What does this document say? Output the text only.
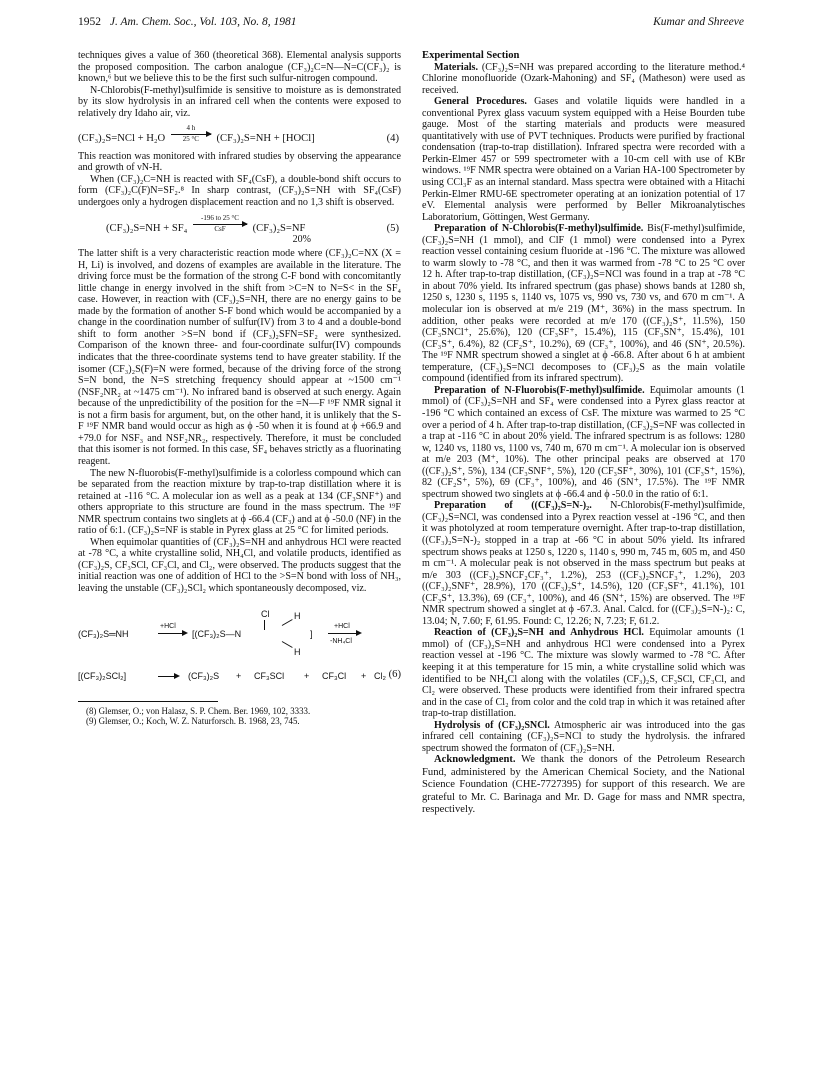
1952 J. Am. Chem. Soc., Vol. 103, No. 8, 1981	Kumar and Shreeve

techniques gives a value of 360 (theoretical 368). Elemental analysis supports the proposed composition. The carbon analogue (CF₃)₂C=N—N=C(CF₃)₂ is known,⁶ but we believe this to be the first such sulfur-nitrogen compound.

N-Chlorobis(F-methyl)sulfimide is sensitive to moisture as is demonstrated by its slow hydrolysis in an infrared cell when the contents were exposed to relatively dry Idaho air, viz.

$(CF_3)_2S=NCl + H_2O \frac{4 h}{25 ^\circ C} (CF_3)_2S=NH$ + [HOCl]	(4)

This reaction was monitored with infrared studies by observing the appearance and growth of νN-H.

When (CF₃)₂C=NH is reacted with SF₄(CsF), a double-bond shift occurs to form (CF₃)₂C(F)N=SF₂.⁸ In sharp contrast, (CF₃)₂S=NH with SF₄(CsF) undergoes only a hydrogen displacement reaction and no 1,3 shift is observed.

(CF₃)₂S=NH + SF₄
-196 to 25 °C
CsF	(CF₃)₂S=NF
20%
(5)

The latter shift is a very characteristic reaction mode where (CF₃)₂C=NX (X = H, Li) is involved, and dozens of examples are available in the literature. The driving force must be the formation of the strong C-F bond with concomitantly little change in energy involved in the shift from >C=N to N=S< in the SF₄ case. However, in reaction with (CF₃)₂S=NH, there are no energy gains to be made by the formation of another S-F bond which would be accompanied by a change in the coordination number of sulfur(IV) from 3 to 4 and a double-bond shift to form another >S=N bond if (CF₃)₂SFN=SF₂ were synthesized. Comparison of the known three- and four-coordinate sulfur(IV) compounds indicates that the three-coordinate systems tend to have greater stability. If the isomer (CF₃)₂S(F)=N were formed, because of the driving force of the strong S=N bond, the N=S stretching frequency should appear at ~1500 cm⁻¹ (NSF₂NR₂ at ~1475 cm⁻¹). No infrared band is observed at such energy. Again because of the unpredictibility of the position for the =N—F ¹⁹F NMR signal it is not a firm basis for argument, but, on the other hand, it is unlikely that the S-F ¹⁹F NMR band would occur as high as ϕ -50 when it is found at ϕ +66.9 and +79.0 for NSF₃ and NSF₂NR₂, respectively. Therefore, it must be concluded that this isomer is not formed. In this case, SF₄ behaves strictly as a fluorinating reagent.

The new N-fluorobis(F-methyl)sulfimide is a colorless compound which can be separated from the reaction mixture by trap-to-trap distillation where it is retained at -116 °C. A molecular ion as well as a peak at 134 (CF₃SNF⁺) and others appropriate to this structure are found in the mass spectrum. The ¹⁹F NMR spectrum contains two singlets at ϕ -66.4 (CF₃) and at ϕ -50.0 (NF) in the ratio of 6:1. (CF₃)₂S=NF is stable in Pyrex glass at 25 °C for limited periods.

When equimolar quantities of (CF₃)₂S=NH and anhydrous HCl were reacted at -78 °C, a white crystalline solid, NH₄Cl, and volatile products, identified as (CF₃)₂S, CF₃SCl, CF₃Cl, and Cl₂, were observed. The products suggest that the initial reaction was one of addition of HCl to the >S=N bond with loss of NH₃, leaving the unstable (CF₃)₂SCl₂ which spontaneously decomposed, viz.

(CF₃)₂S═NH
+HCl
Cl
[(CF₃)₂S—N
H
H
]
+HCl
-NH₄Cl
[(CF₃)₂SCl₂]	(CF₃)₂S + CF₃SCl + CF₃Cl + Cl₂ (6)

(8) Glemser, O.; von Halasz, S. P. Chem. Ber. 1969, 102, 3333.

(9) Glemser, O.; Koch, W. Z. Naturforsch. B. 1968, 23, 745.

Experimental Section

Materials. (CF₃)₂S=NH was prepared according to the literature method.⁴ Chlorine monofluoride (Ozark-Mahoning) and SF₄ (Matheson) were used as received.

General Procedures. Gases and volatile liquids were handled in a conventional Pyrex glass vacuum system equipped with a Heise Bourden tube gauge. Most of the starting materials and products were measured quantitatively with use of PVT techniques. Products were purified by fractional condensation (trap-to-trap distillation). Infrared spectra were recorded with a Perkin-Elmer 457 or 599 spectrometer with a 10-cm cell with use of KBr windows. ¹⁹F NMR spectra were obtained on a Varian HA-100 Spectrometer by using CCl₃F as an internal standard. Mass spectra were obtained with a Hitachi Perkin-Elmer RMU-6E spectrometer operating at an ionization potential of 17 eV. Elemental analysis were performed by Beller Mikroanalytisches Laboratorium, Göttingen, West Germany.

Preparation of N-Chlorobis(F-methyl)sulfimide. Bis(F-methyl)sulfimide, (CF₃)₂S=NH (1 mmol), and ClF (1 mmol) were condensed into a Pyrex reaction vessel containing cesium fluoride at -196 °C. The mixture was allowed to warm slowly to -78 °C, and then it was warmed from -78 °C to 25 °C over 12 h. After trap-to-trap distillation, (CF₃)₂S=NCl was found in a trap at -78 °C in about 70% yield. Its infrared spectrum (gas phase) shows bands at 1280 sh, 1250 s, 1230 s, 1195 s, 1140 vs, 1075 vs, 990 vs, 730 vs, and 670 m cm⁻¹. A molecular ion is observed at m/e 219 (M⁺, 36%) in the mass spectrum. In addition, other peaks were recorded at m/e 170 ((CF₃)₂S⁺, 11.5%), 150 (CF₃SNCl⁺, 25.6%), 120 (CF₃SF⁺, 15.4%), 115 (CF₃SN⁺, 15.4%), 101 (CF₃S⁺, 6.4%), 82 (CF₂S⁺, 10.2%), 69 (CF₃⁺, 100%), and 46 (SN⁺, 20.5%). The ¹⁹F NMR spectrum showed a singlet at ϕ -66.8. After about 6 h at ambient temperature, (CF₃)₂S=NCl decomposes to (CF₃)₂S as the main volatile compound (identified from its infrared spectrum).

Preparation of N-Fluorobis(F-methyl)sulfimide. Equimolar amounts (1 mmol) of (CF₃)₂S=NH and SF₄ were condensed into a Pyrex glass reactor at -196 °C which contained an excess of CsF. The mixture was warmed to 25 °C over a period of 4 h. After trap-to-trap distillation, (CF₃)₂S=NF was collected in a trap at -116 °C in about 20% yield. The infrared spectrum is as follows: 1280 w, 1240 vs, 1180 vs, 1100 vs, 740 m, 670 m cm⁻¹. A molecular ion is observed at m/e 203 (M⁺, 10%). The other principal peaks are observed at 170 ((CF₃)₂S⁺, 5%), 134 (CF₃SNF⁺, 5%), 120 (CF₃SF⁺, 30%), 101 (CF₃S⁺, 15%), 82 (CF₂S⁺, 5%), 69 (CF₃⁺, 100%), and 46 (SN⁺, 17.5%). The ¹⁹F NMR spectrum showed two singlets at ϕ -66.4 and ϕ -50.0 in the ratio of 6:1.

Preparation of ((CF₃)₂S=N-)₂. N-Chlorobis(F-methyl)sulfimide, (CF₃)₂S=NCl, was condensed into a Pyrex reaction vessel at -196 °C, and then it was photolyzed at room temperature overnight. After trap-to-trap distillation, ((CF₃)₂S=N-)₂ stopped in a trap at -66 °C in about 50% yield. Its infrared spectrum shows peaks at 1250 s, 1220 s, 1140 s, 990 m, 745 m, 605 m, and 450 m cm⁻¹. A molecular peak is not observed in the mass spectrum but peaks at m/e 303 ((CF₃)₂SNCF₂CF₃⁺, 1.2%), 253 ((CF₃)₂SNCF₃⁺, 1.2%), 203 ((CF₃)₂SNF⁺, 28.9%), 170 ((CF₃)₂S⁺, 14.5%), 120 (CF₃SF⁺, 41.1%), 101 (CF₃S⁺, 13.3%), 69 (CF₃⁺, 100%), and 46 (SN⁺, 15%) are observed. The ¹⁹F NMR spectrum showed a singlet at ϕ -67.3. Anal. Calcd. for ((CF₃)₂S=N-)₂: C, 13.04; N, 7.60; F, 61.95. Found: C, 12.26; N, 7.23; F, 61.2.

Reaction of (CF₃)₂S=NH and Anhydrous HCl. Equimolar amounts (1 mmol) of (CF₃)₂S=NH and anhydrous HCl were condensed into a Pyrex reaction vessel at -196 °C. The mixture was slowly warmed to -78 °C. After keeping it at this temperature for 15 min, a white crystalline solid which was identified to be NH₄Cl along with the volatiles (CF₃)₂S, CF₃SCl, CF₃Cl, and Cl₂ were observed. These products were identified from their infrared spectra and in the case of Cl₂ from color and the cold trap in which it was retained after trap-to-trap distillation.

Hydrolysis of (CF₃)₂SNCl. Atmospheric air was introduced into the gas infrared cell containing (CF₃)₂S=NCl to study the hydrolysis. the infrared spectrum showed the formaton of (CF₃)₂S=NH.

Acknowledgment. We thank the donors of the Petroleum Research Fund, administered by the American Chemical Society, and the National Science Foundation (CHE-7727395) for support of this research. We are grateful to Mr. C. Barinaga and Mr. D. Gage for mass and NMR spectra, respectively.
